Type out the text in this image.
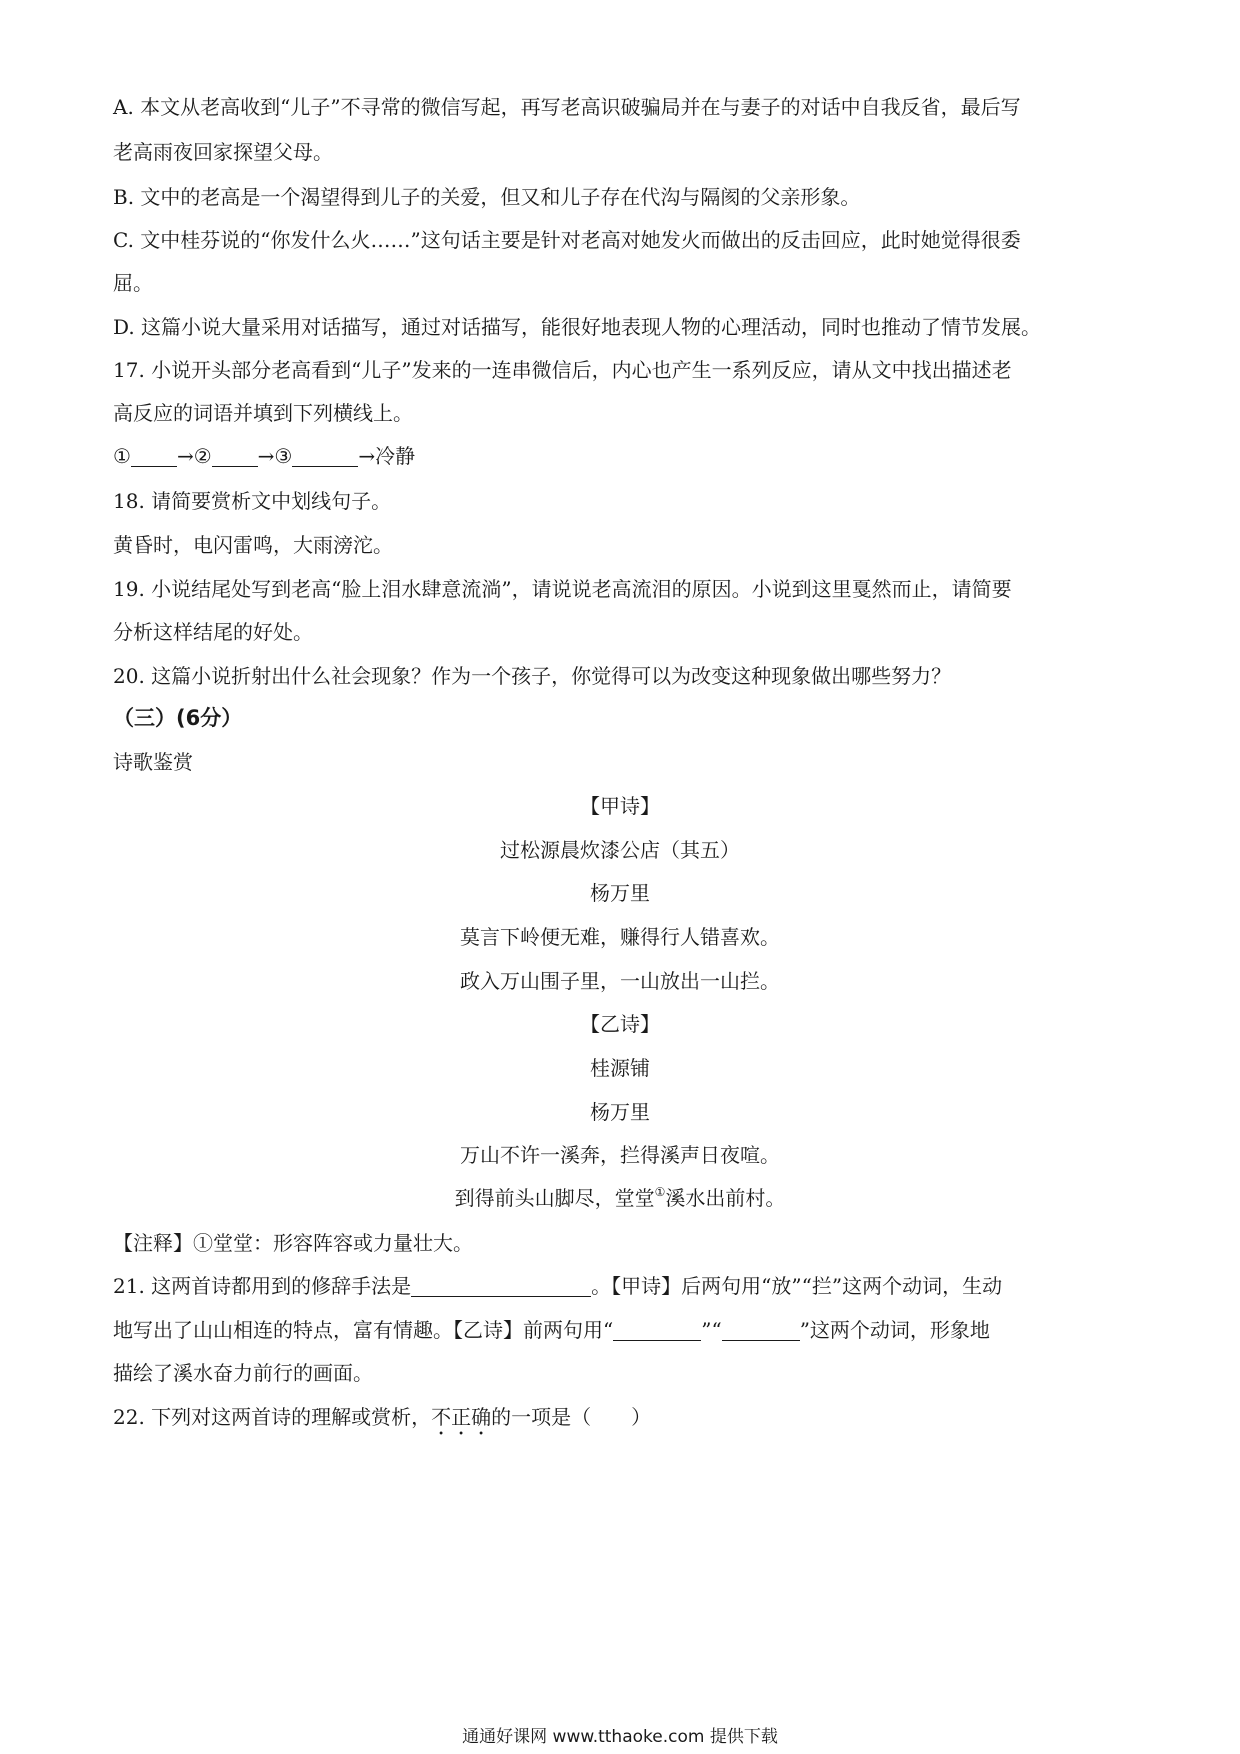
A. 本文从老高收到“儿子”不寻常的微信写起，再写老高识破骗局并在与妻子的对话中自我反省，最后写
老高雨夜回家探望父母。
B. 文中的老高是一个渴望得到儿子的关爱，但又和儿子存在代沟与隔阂的父亲形象。
C. 文中桂芬说的“你发什么火……”这句话主要是针对老高对她发火而做出的反击回应，此时她觉得很委
屈。
D. 这篇小说大量采用对话描写，通过对话描写，能很好地表现人物的心理活动，同时也推动了情节发展。
17. 小说开头部分老高看到“儿子”发来的一连串微信后，内心也产生一系列反应，请从文中找出描述老
高反应的词语并填到下列横线上。
① →② →③	→冷静
18. 请简要赏析文中划线句子。
黄昏时，电闪雷鸣，大雨滂沱。
19. 小说结尾处写到老高“脸上泪水肆意流淌”，请说说老高流泪的原因。小说到这里戛然而止，请简要
分析这样结尾的好处。
20. 这篇小说折射出什么社会现象？作为一个孩子，你觉得可以为改变这种现象做出哪些努力？
（三）(6分）
诗歌鉴赏
【甲诗】
过松源晨炊漆公店（其五）
杨万里
莫言下岭便无难，赚得行人错喜欢。
政入万山围子里，一山放出一山拦。
【乙诗】
桂源铺
杨万里
万山不许一溪奔，拦得溪声日夜喧。
到得前头山脚尽，堂堂①溪水出前村。
【注释】①堂堂：形容阵容或力量壮大。
21. 这两首诗都用到的修辞手法是	。【甲诗】后两句用“放”“拦”这两个动词，生动
地写出了山山相连的特点，富有情趣。【乙诗】前两句用“	”“	”这两个动词，形象地
描绘了溪水奋力前行的画面。
22. 下列对这两首诗的理解或赏析，不正确的一项是（　　）
通通好课网 www.tthaoke.com 提供下载
